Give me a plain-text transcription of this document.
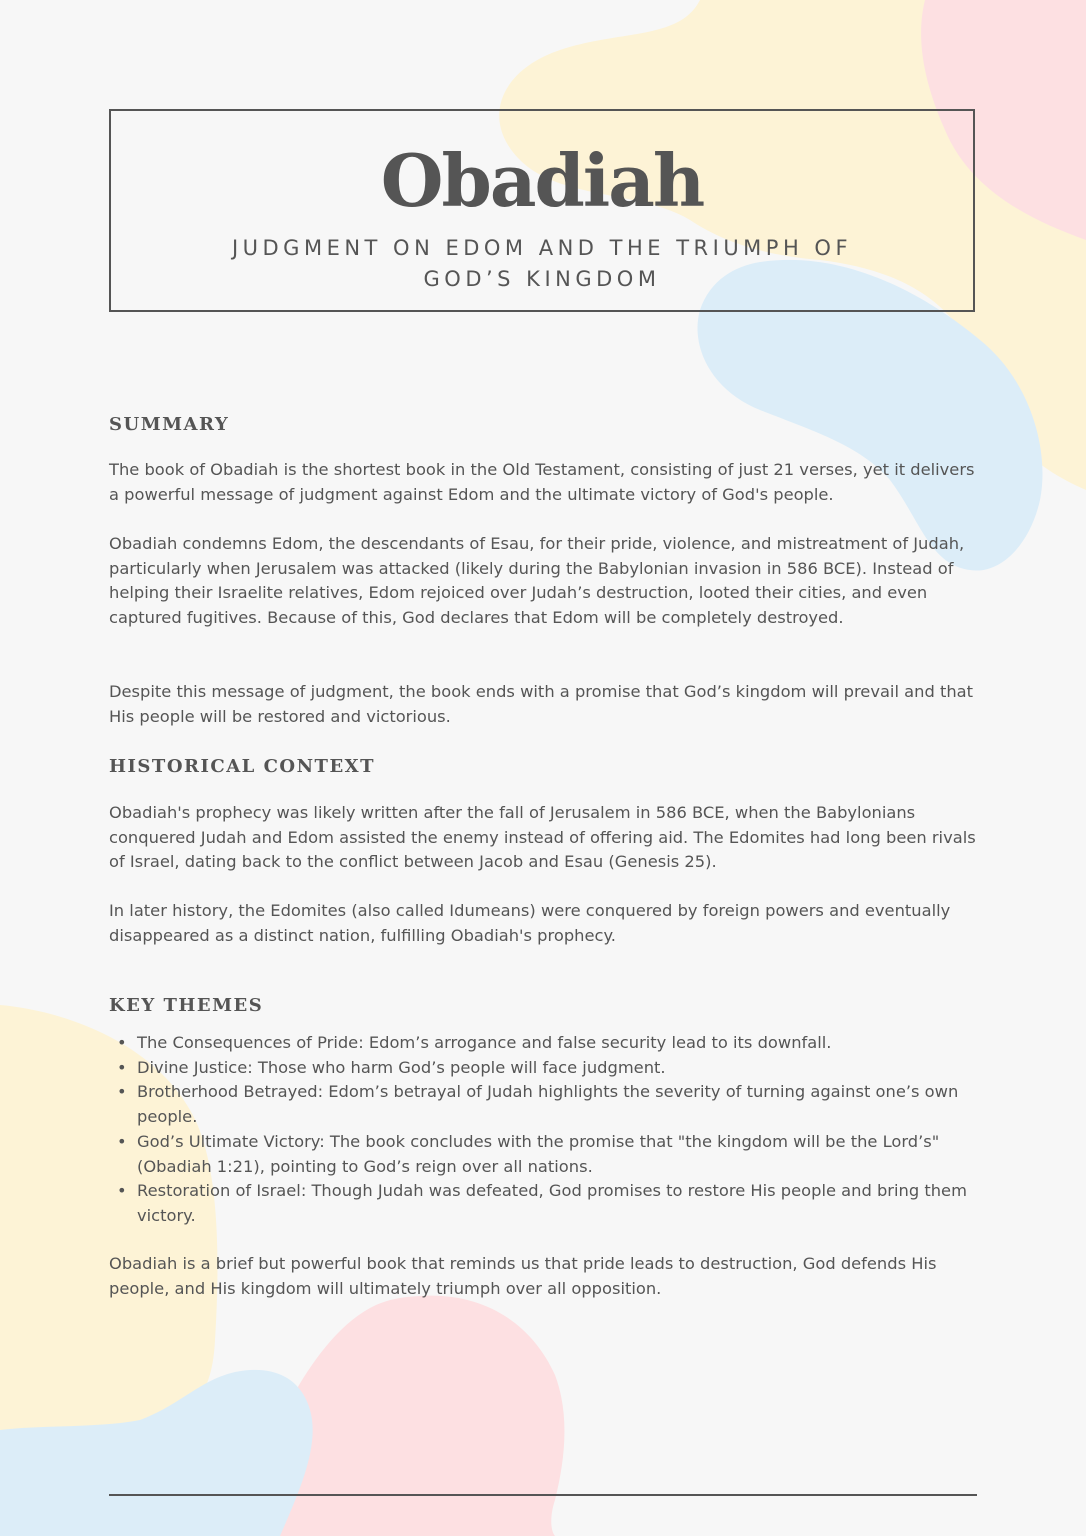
Obadiah
JUDGMENT ON EDOM AND THE TRIUMPH OF GOD’S KINGDOM
SUMMARY

The book of Obadiah is the shortest book in the Old Testament, consisting of just 21 verses, yet it delivers a powerful message of judgment against Edom and the ultimate victory of God's people.

Obadiah condemns Edom, the descendants of Esau, for their pride, violence, and mistreatment of Judah, particularly when Jerusalem was attacked (likely during the Babylonian invasion in 586 BCE). Instead of helping their Israelite relatives, Edom rejoiced over Judah’s destruction, looted their cities, and even captured fugitives. Because of this, God declares that Edom will be completely destroyed.

Despite this message of judgment, the book ends with a promise that God’s kingdom will prevail and that His people will be restored and victorious.

HISTORICAL CONTEXT

Obadiah's prophecy was likely written after the fall of Jerusalem in 586 BCE, when the Babylonians conquered Judah and Edom assisted the enemy instead of offering aid. The Edomites had long been rivals of Israel, dating back to the conflict between Jacob and Esau (Genesis 25).

In later history, the Edomites (also called Idumeans) were conquered by foreign powers and eventually disappeared as a distinct nation, fulfilling Obadiah's prophecy.

KEY THEMES
• The Consequences of Pride: Edom’s arrogance and false security lead to its downfall.
• Divine Justice: Those who harm God’s people will face judgment.
• Brotherhood Betrayed: Edom’s betrayal of Judah highlights the severity of turning against one’s own people.
• God’s Ultimate Victory: The book concludes with the promise that "the kingdom will be the Lord’s" (Obadiah 1:21), pointing to God’s reign over all nations.
• Restoration of Israel: Though Judah was defeated, God promises to restore His people and bring them victory.

Obadiah is a brief but powerful book that reminds us that pride leads to destruction, God defends His people, and His kingdom will ultimately triumph over all opposition.
